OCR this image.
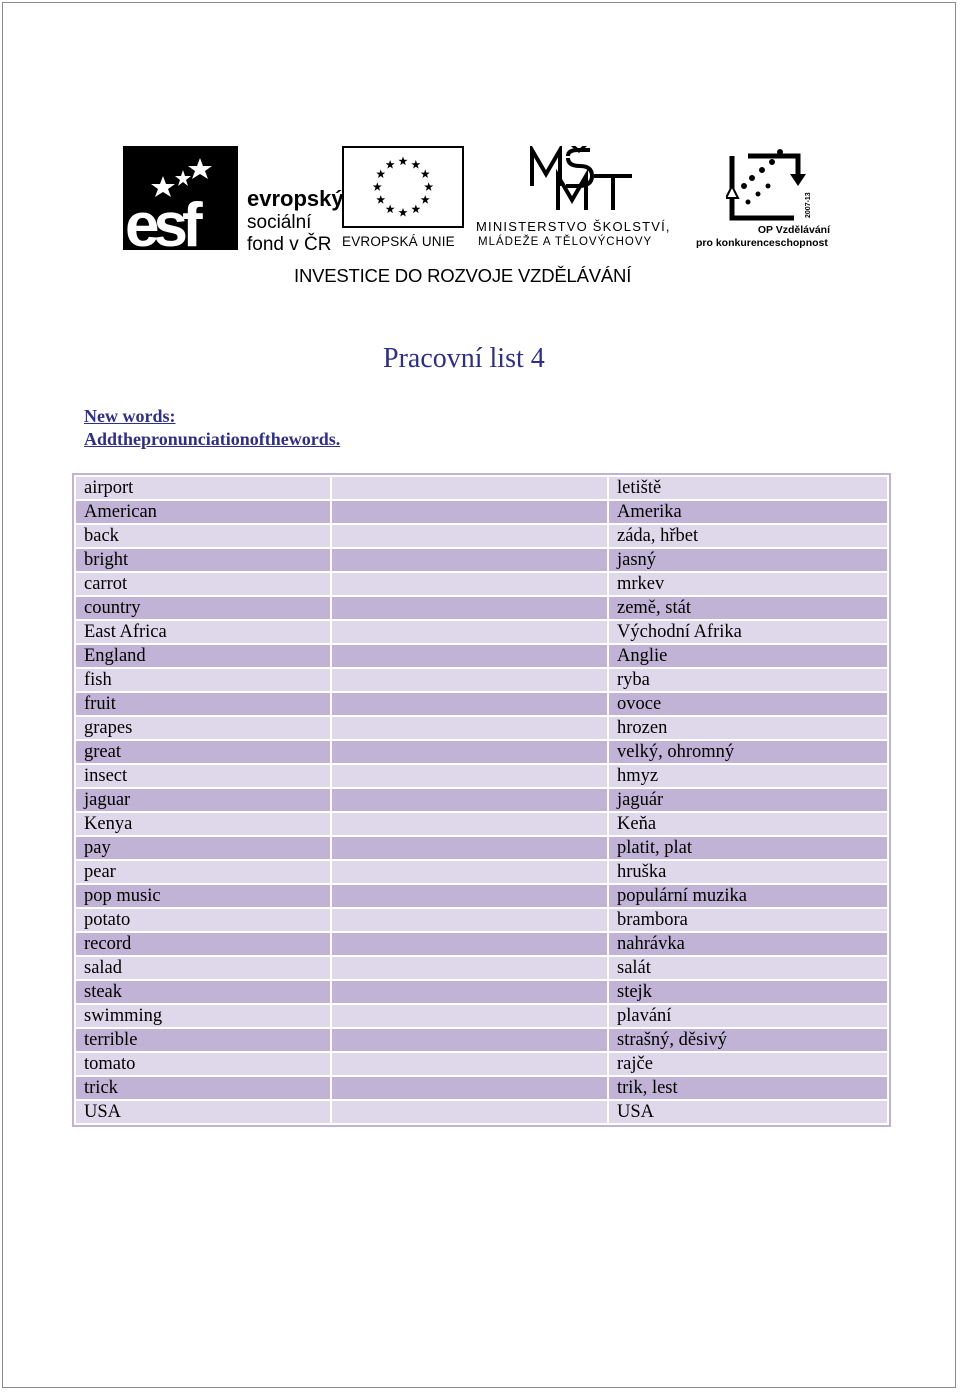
esf evropský
sociální
fond v ČR EVROPSKÁ UNIE
MINISTERSTVO ŠKOLSTVÍ,
MLÁDEŽE A TĚLOVÝCHOVY
2007-13
OP Vzdělávání
pro konkurenceschopnost
INVESTICE DO ROZVOJE VZDĚLÁVÁNÍ
Pracovní list 4
New words:
Addthepronunciationofthewords.
airport		letiště
American		Amerika
back		záda, hřbet
bright		jasný
carrot		mrkev
country		země, stát
East Africa		Východní Afrika
England		Anglie
fish		ryba
fruit		ovoce
grapes		hrozen
great		velký, ohromný
insect		hmyz
jaguar		jaguár
Kenya		Keňa
pay		platit, plat
pear		hruška
pop music		populární muzika
potato		brambora
record		nahrávka
salad		salát
steak		stejk
swimming		plavání
terrible		strašný, děsivý
tomato		rajče
trick		trik, lest
USA		USA
